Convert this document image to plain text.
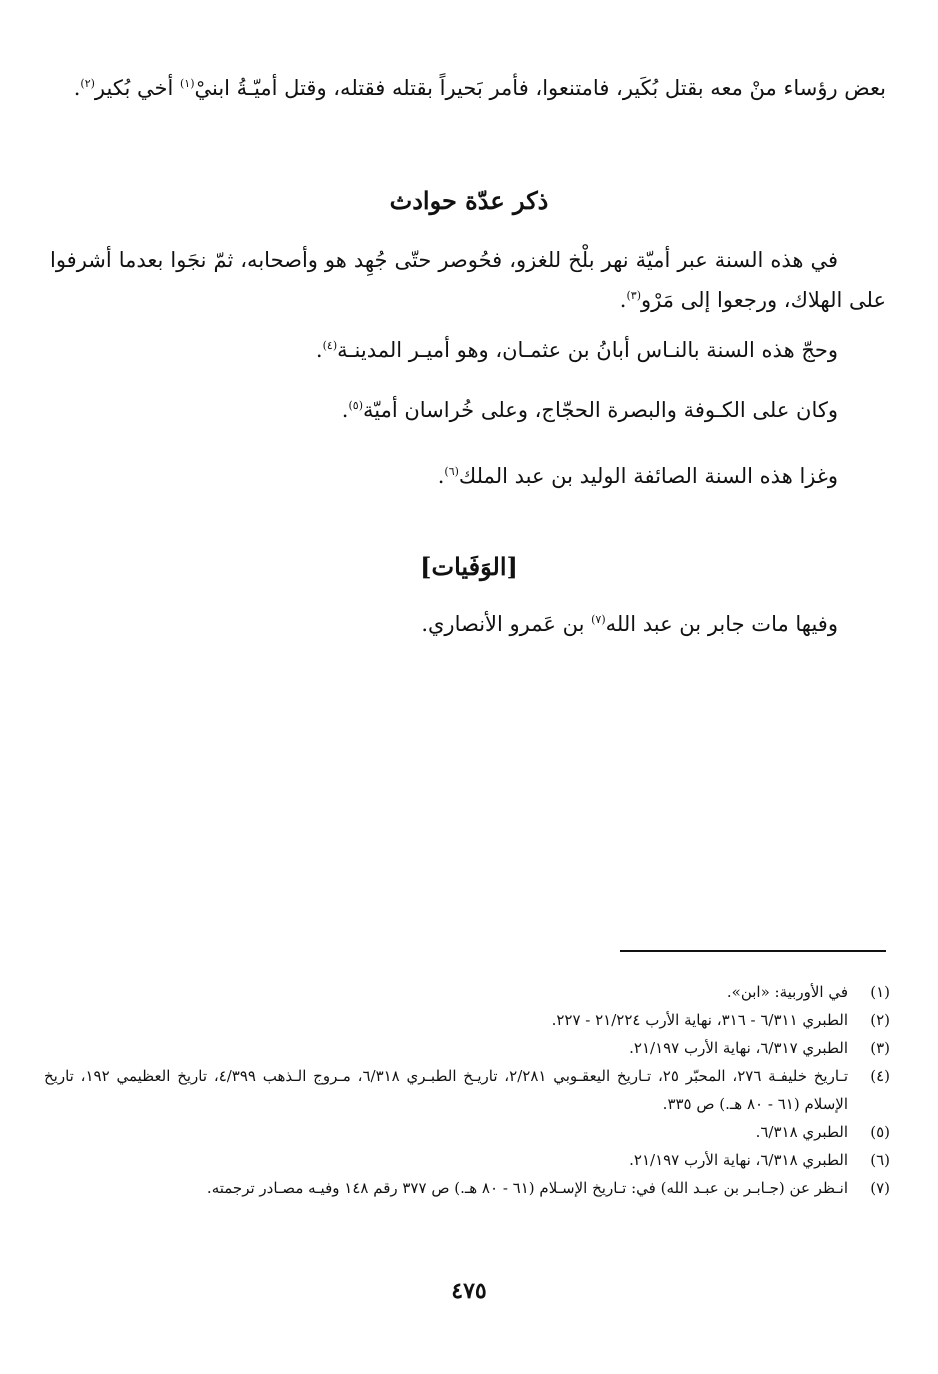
بعض رؤساء منْ معه بقتل بُكَير، فامتنعوا، فأمر بَحيراً بقتله فقتله، وقتل أميّـةُ ابنيْ$^{(١)}$ أخي بُكير$^{(٢)}$.

ذكر عدّة حوادث

في هذه السنة عبر أميّة نهر بلْخ للغزو، فحُوصر حتّى جُهِد هو وأصحابه، ثمّ نجَوا بعدما أشرفوا على الهلاك، ورجعوا إلى مَرْو$^{(٣)}$.

وحجّ هذه السنة بالنـاس أبانُ بن عثمـان، وهو أميـر المدينـة$^{(٤)}$.

وكان على الكـوفة والبصرة الحجّاج، وعلى خُراسان أميّة$^{(٥)}$.

وغزا هذه السنة الصائفة الوليد بن عبد الملك$^{(٦)}$.

[الوَفَيات]

وفيها مات جابر بن عبد الله$^{(٧)}$ بن عَمرو الأنصاري.

(١)
في الأوربية: «ابن».
(٢)
الطبري ٦/٣١١ - ٣١٦، نهاية الأرب ٢١/٢٢٤ - ٢٢٧.
(٣)
الطبري ٦/٣١٧، نهاية الأرب ٢١/١٩٧.
(٤)
تـاريخ خليفـة ٢٧٦، المحبّر ٢٥، تـاريخ اليعقـوبي ٢/٢٨١، تاريـخ الطبـري ٦/٣١٨، مـروج الـذهب ٤/٣٩٩، تاريخ العظيمي ١٩٢، تاريخ الإسلام (٦١ - ٨٠ هـ.) ص ٣٣٥.
(٥)
الطبري ٦/٣١٨.
(٦)
الطبري ٦/٣١٨، نهاية الأرب ٢١/١٩٧.
(٧)
انـظر عن (جـابـر بن عبـد الله) في: تـاريخ الإسـلام (٦١ - ٨٠ هـ.) ص ٣٧٧ رقم ١٤٨ وفيـه مصـادر ترجمته.
٤٧٥
